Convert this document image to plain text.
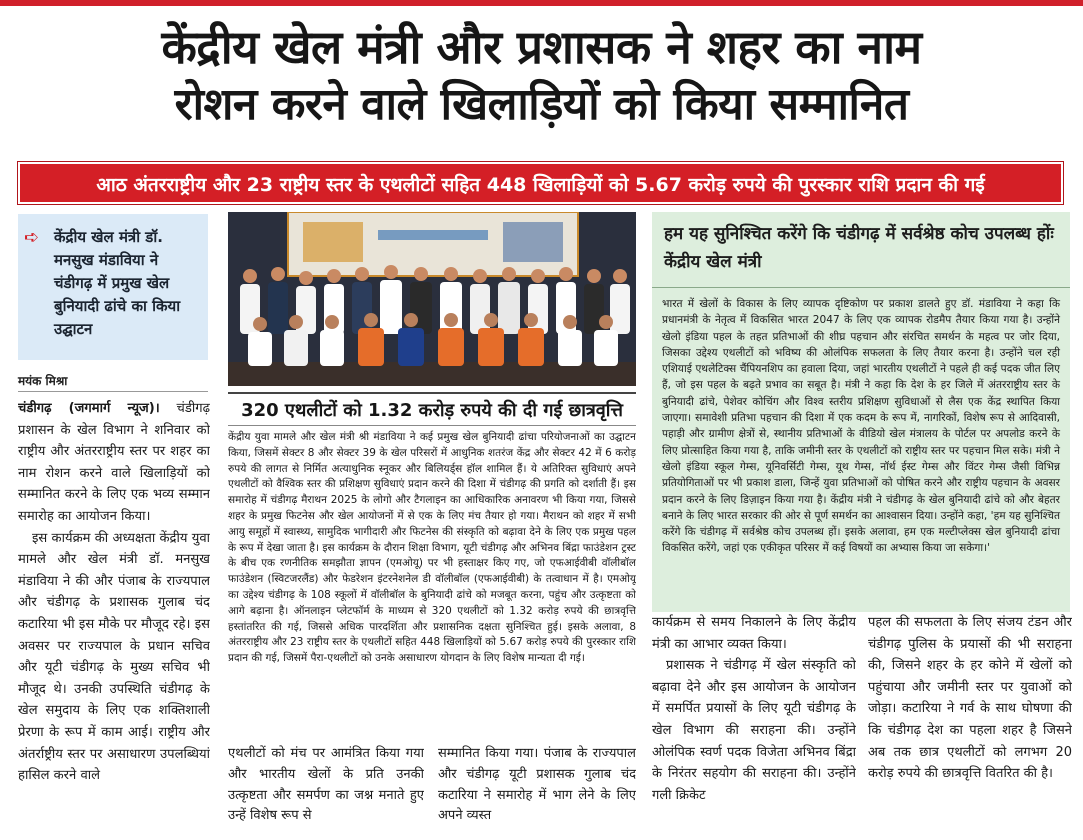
केंद्रीय खेल मंत्री और प्रशासक ने शहर का नाम
रोशन करने वाले खिलाड़ियों को किया सम्मानित
आठ अंतरराष्ट्रीय और 23 राष्ट्रीय स्तर के एथलीटों सहित 448 खिलाड़ियों को 5.67 करोड़ रुपये की पुरस्कार राशि प्रदान की गई
➪ केंद्रीय खेल मंत्री डॉ. मनसुख मंडाविया ने चंडीगढ़ में प्रमुख खेल बुनियादी ढांचे का किया उद्घाटन
मयंक मिश्रा

चंडीगढ़ (जगमार्ग न्यूज)। चंडीगढ़ प्रशासन के खेल विभाग ने शनिवार को राष्ट्रीय और अंतरराष्ट्रीय स्तर पर शहर का नाम रोशन करने वाले खिलाड़ियों को सम्मानित करने के लिए एक भव्य सम्मान समारोह का आयोजन किया।

इस कार्यक्रम की अध्यक्षता केंद्रीय युवा मामले और खेल मंत्री डॉ. मनसुख मंडाविया ने की और पंजाब के राज्यपाल और चंडीगढ़ के प्रशासक गुलाब चंद कटारिया भी इस मौके पर मौजूद रहे। इस अवसर पर राज्यपाल के प्रधान सचिव और यूटी चंडीगढ़ के मुख्य सचिव भी मौजूद थे। उनकी उपस्थिति चंडीगढ़ के खेल समुदाय के लिए एक शक्तिशाली प्रेरणा के रूप में काम आई। राष्ट्रीय और अंतर्राष्ट्रीय स्तर पर असाधारण उपलब्धियां हासिल करने वाले

320 एथलीटों को 1.32 करोड़ रुपये की दी गई छात्रवृत्ति
केंद्रीय युवा मामले और खेल मंत्री श्री मंडाविया ने कई प्रमुख खेल बुनियादी ढांचा परियोजनाओं का उद्घाटन किया, जिसमें सेक्टर 8 और सेक्टर 39 के खेल परिसरों में आधुनिक शतरंज केंद्र और सेक्टर 42 में 6 करोड़ रुपये की लागत से निर्मित अत्याधुनिक स्नूकर और बिलियर्ड्स हॉल शामिल हैं। ये अतिरिक्त सुविधाएं अपने एथलीटों को वैश्विक स्तर की प्रशिक्षण सुविधाएं प्रदान करने की दिशा में चंडीगढ़ की प्रगति को दर्शाती हैं। इस समारोह में चंडीगढ़ मैराथन 2025 के लोगो और टैगलाइन का आधिकारिक अनावरण भी किया गया, जिससे शहर के प्रमुख फिटनेस और खेल आयोजनों में से एक के लिए मंच तैयार हो गया। मैराथन को शहर में सभी आयु समूहों में स्वास्थ्य, सामुदिक भागीदारी और फिटनेस की संस्कृति को बढ़ावा देने के लिए एक प्रमुख पहल के रूप में देखा जाता है। इस कार्यक्रम के दौरान शिक्षा विभाग, यूटी चंडीगढ़ और अभिनव बिंद्रा फाउंडेशन ट्रस्ट के बीच एक रणनीतिक समझौता ज्ञापन (एमओयू) पर भी हस्ताक्षर किए गए, जो एफआईवीबी वॉलीबॉल फाउंडेशन (स्विटजरलैंड) और फेडरेशन इंटरनेशनेल डी वॉलीबॉल (एफआईवीबी) के तत्वाधान में है। एमओयू का उद्देश्य चंडीगढ़ के 108 स्कूलों में वॉलीबॉल के बुनियादी ढांचे को मजबूत करना, पहुंच और उत्कृष्टता को आगे बढ़ाना है। ऑनलाइन प्लेटफॉर्म के माध्यम से 320 एथलीटों को 1.32 करोड़ रुपये की छात्रवृत्ति हस्तांतरित की गई, जिससे अधिक पारदर्शिता और प्रशासनिक दक्षता सुनिश्चित हुई। इसके अलावा, 8 अंतरराष्ट्रीय और 23 राष्ट्रीय स्तर के एथलीटों सहित 448 खिलाड़ियों को 5.67 करोड़ रुपये की पुरस्कार राशि प्रदान की गई, जिसमें पैरा-एथलीटों को उनके असाधारण योगदान के लिए विशेष मान्यता दी गई।
एथलीटों को मंच पर आमंत्रित किया गया और भारतीय खेलों के प्रति उनकी उत्कृष्टता और समर्पण का जश्न मनाते हुए उन्हें विशेष रूप से
सम्मानित किया गया। पंजाब के राज्यपाल और चंडीगढ़ यूटी प्रशासक गुलाब चंद कटारिया ने समारोह में भाग लेने के लिए अपने व्यस्त
हम यह सुनिश्चित करेंगे कि चंडीगढ़ में सर्वश्रेष्ठ कोच उपलब्ध होंः केंद्रीय खेल मंत्री
भारत में खेलों के विकास के लिए व्यापक दृष्टिकोण पर प्रकाश डालते हुए डॉ. मंडाविया ने कहा कि प्रधानमंत्री के नेतृत्व में विकसित भारत 2047 के लिए एक व्यापक रोडमैप तैयार किया गया है। उन्होंने खेलो इंडिया पहल के तहत प्रतिभाओं की शीघ्र पहचान और संरचित समर्थन के महत्व पर जोर दिया, जिसका उद्देश्य एथलीटों को भविष्य की ओलंपिक सफलता के लिए तैयार करना है। उन्होंने चल रही एशियाई एथलेटिक्स चैंपियनशिप का हवाला दिया, जहां भारतीय एथलीटों ने पहले ही कई पदक जीत लिए हैं, जो इस पहल के बढ़ते प्रभाव का सबूत है। मंत्री ने कहा कि देश के हर जिले में अंतरराष्ट्रीय स्तर के बुनियादी ढांचे, पेशेवर कोचिंग और विश्व स्तरीय प्रशिक्षण सुविधाओं से लैस एक केंद्र स्थापित किया जाएगा। समावेशी प्रतिभा पहचान की दिशा में एक कदम के रूप में, नागरिकों, विशेष रूप से आदिवासी, पहाड़ी और ग्रामीण क्षेत्रों से, स्थानीय प्रतिभाओं के वीडियो खेल मंत्रालय के पोर्टल पर अपलोड करने के लिए प्रोत्साहित किया गया है, ताकि जमीनी स्तर के एथलीटों को राष्ट्रीय स्तर पर पहचान मिल सके। मंत्री ने खेलो इंडिया स्कूल गेम्स, यूनिवर्सिटी गेम्स, यूथ गेम्स, नॉर्थ ईस्ट गेम्स और विंटर गेम्स जैसी विभिन्न प्रतियोगिताओं पर भी प्रकाश डाला, जिन्हें युवा प्रतिभाओं को पोषित करने और राष्ट्रीय पहचान के अवसर प्रदान करने के लिए डिज़ाइन किया गया है। केंद्रीय मंत्री ने चंडीगढ़ के खेल बुनियादी ढांचे को और बेहतर बनाने के लिए भारत सरकार की ओर से पूर्ण समर्थन का आश्वासन दिया। उन्होंने कहा, 'हम यह सुनिश्चित करेंगे कि चंडीगढ़ में सर्वश्रेष्ठ कोच उपलब्ध हों। इसके अलावा, हम एक मल्टीप्लेक्स खेल बुनियादी ढांचा विकसित करेंगे, जहां एक एकीकृत परिसर में कई विषयों का अभ्यास किया जा सकेगा।'

कार्यक्रम से समय निकालने के लिए केंद्रीय मंत्री का आभार व्यक्त किया।

प्रशासक ने चंडीगढ़ में खेल संस्कृति को बढ़ावा देने और इस आयोजन के आयोजन में समर्पित प्रयासों के लिए यूटी चंडीगढ़ के खेल विभाग की सराहना की। उन्होंने ओलंपिक स्वर्ण पदक विजेता अभिनव बिंद्रा के निरंतर सहयोग की सराहना की। उन्होंने गली क्रिकेट

पहल की सफलता के लिए संजय टंडन और चंडीगढ़ पुलिस के प्रयासों की भी सराहना की, जिसने शहर के हर कोने में खेलों को पहुंचाया और जमीनी स्तर पर युवाओं को जोड़ा। कटारिया ने गर्व के साथ घोषणा की कि चंडीगढ़ देश का पहला शहर है जिसने अब तक छात्र एथलीटों को लगभग 20 करोड़ रुपये की छात्रवृत्ति वितरित की है।
